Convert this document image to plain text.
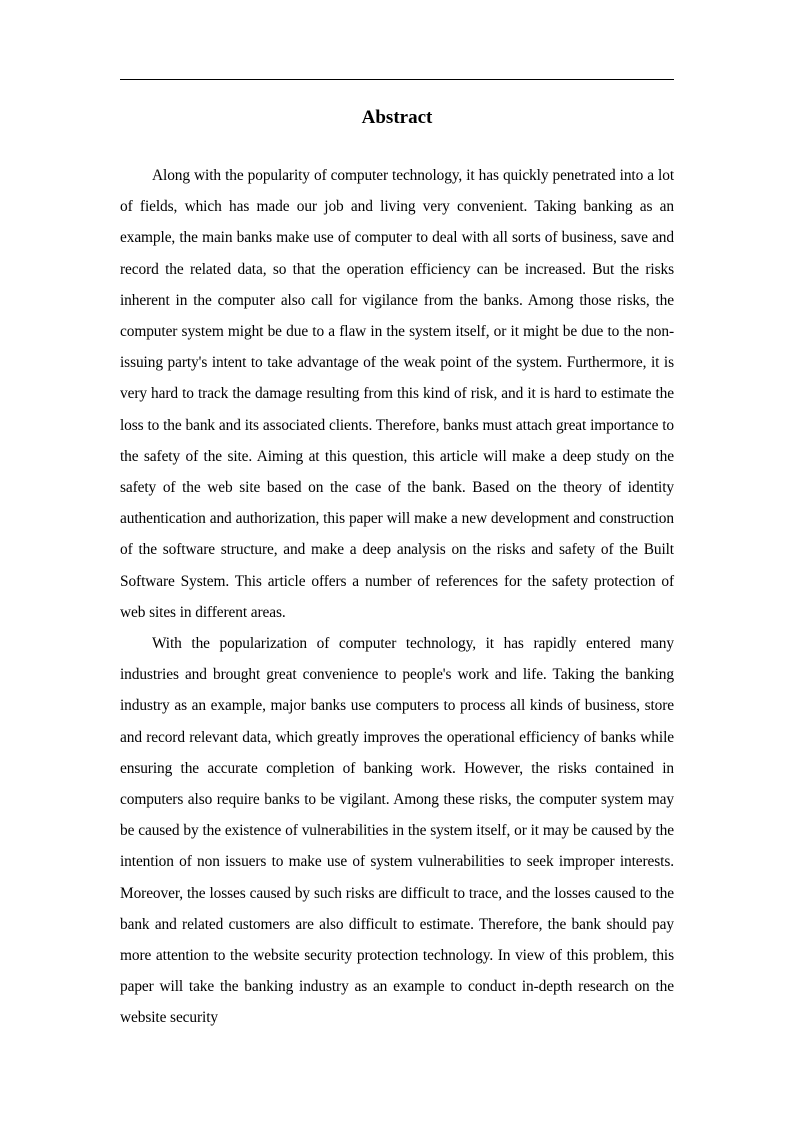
Abstract

Along with the popularity of computer technology, it has quickly penetrated into a lot of fields, which has made our job and living very convenient. Taking banking as an example, the main banks make use of computer to deal with all sorts of business, save and record the related data, so that the operation efficiency can be increased. But the risks inherent in the computer also call for vigilance from the banks. Among those risks, the computer system might be due to a flaw in the system itself, or it might be due to the non-issuing party's intent to take advantage of the weak point of the system. Furthermore, it is very hard to track the damage resulting from this kind of risk, and it is hard to estimate the loss to the bank and its associated clients. Therefore, banks must attach great importance to the safety of the site. Aiming at this question, this article will make a deep study on the safety of the web site based on the case of the bank. Based on the theory of identity authentication and authorization, this paper will make a new development and construction of the software structure, and make a deep analysis on the risks and safety of the Built Software System. This article offers a number of references for the safety protection of web sites in different areas.

With the popularization of computer technology, it has rapidly entered many industries and brought great convenience to people's work and life. Taking the banking industry as an example, major banks use computers to process all kinds of business, store and record relevant data, which greatly improves the operational efficiency of banks while ensuring the accurate completion of banking work. However, the risks contained in computers also require banks to be vigilant. Among these risks, the computer system may be caused by the existence of vulnerabilities in the system itself, or it may be caused by the intention of non issuers to make use of system vulnerabilities to seek improper interests. Moreover, the losses caused by such risks are difficult to trace, and the losses caused to the bank and related customers are also difficult to estimate. Therefore, the bank should pay more attention to the website security protection technology. In view of this problem, this paper will take the banking industry as an example to conduct in-depth research on the website security
